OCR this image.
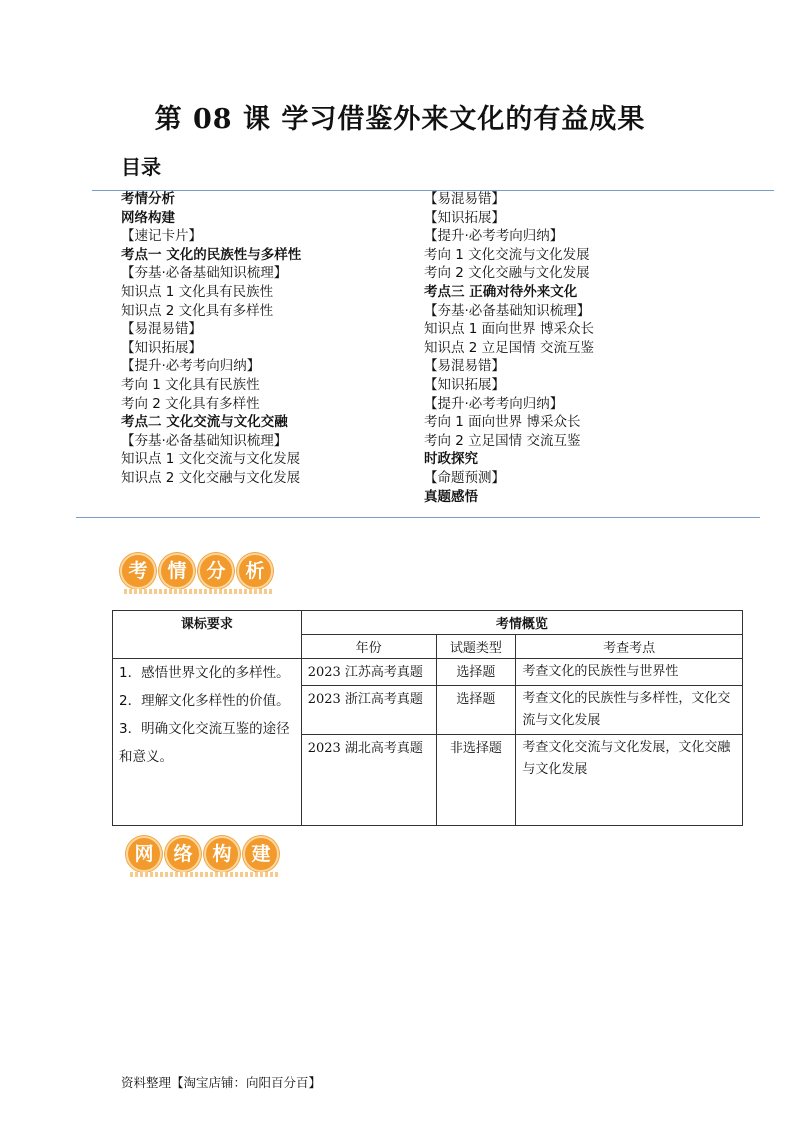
第 08 课 学习借鉴外来文化的有益成果
目录
考情分析
网络构建
【速记卡片】
考点一 文化的民族性与多样性
【夯基·必备基础知识梳理】
知识点 1 文化具有民族性
知识点 2 文化具有多样性
【易混易错】
【知识拓展】
【提升·必考考向归纳】
考向 1 文化具有民族性
考向 2 文化具有多样性
考点二 文化交流与文化交融
【夯基·必备基础知识梳理】
知识点 1 文化交流与文化发展
知识点 2 文化交融与文化发展
【易混易错】
【知识拓展】
【提升·必考考向归纳】
考向 1 文化交流与文化发展
考向 2 文化交融与文化发展
考点三 正确对待外来文化
【夯基·必备基础知识梳理】
知识点 1 面向世界 博采众长
知识点 2 立足国情 交流互鉴
【易混易错】
【知识拓展】
【提升·必考考向归纳】
考向 1 面向世界 博采众长
考向 2 立足国情 交流互鉴
时政探究
【命题预测】
真题感悟
考	情	分	析
课标要求	考情概览		
	年份	试题类型	考查考点

1．感悟世界文化的多样性。
2．理解文化多样性的价值。
3．明确文化交流互鉴的途径和意义。	2023 江苏高考真题	选择题	考查文化的民族性与世界性
	2023 浙江高考真题	选择题	考查文化的民族性与多样性，文化交流与文化发展
	2023 湖北高考真题	非选择题	考查文化交流与文化发展，文化交融与文化发展
网	络	构	建
资料整理【淘宝店铺：向阳百分百】
